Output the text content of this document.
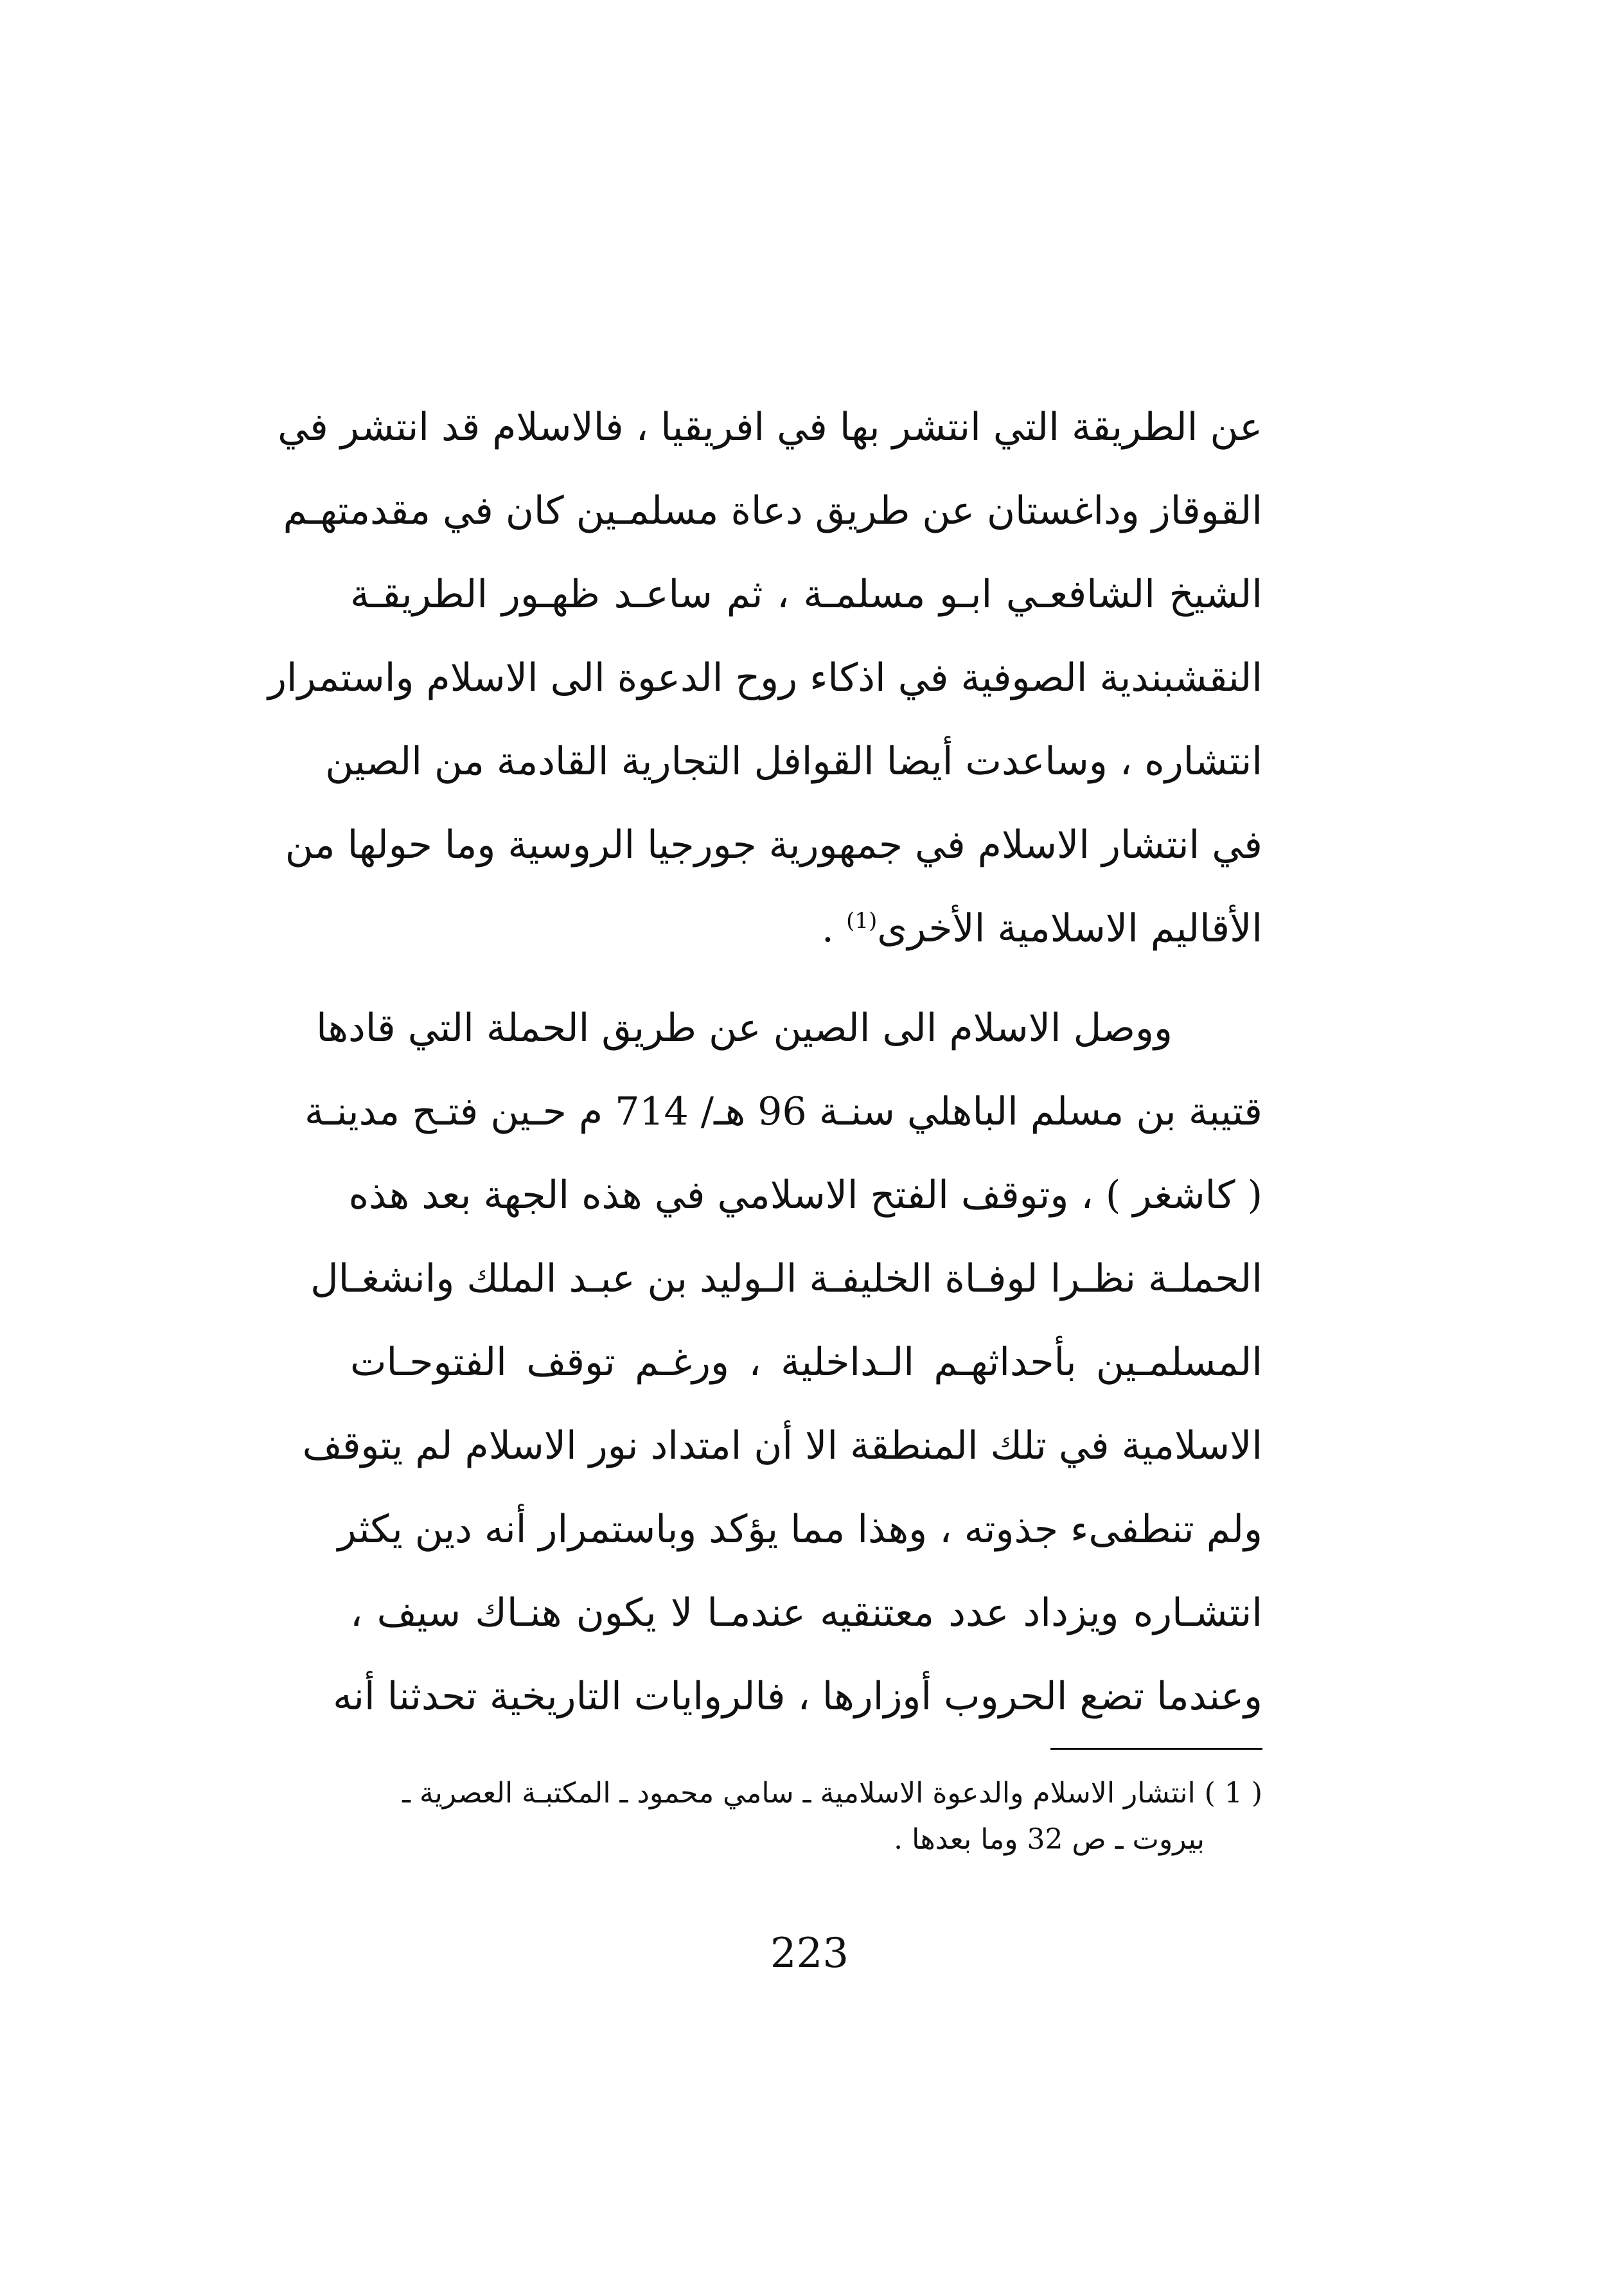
عن الطريقة التي انتشر بها في افريقيا ، فالاسلام قد انتشر في
القوقاز وداغستان عن طريق دعاة مسلمـين كان في مقدمتهـم
الشيخ الشافعـي ابـو مسلمـة ، ثم ساعـد ظهـور الطريقـة
النقشبندية الصوفية في اذكاء روح الدعوة الى الاسلام واستمرار
انتشاره ، وساعدت أيضا القوافل التجارية القادمة من الصين
في انتشار الاسلام في جمهورية جورجيا الروسية وما حولها من
الأقاليم الاسلامية الأخرى$^{(1)}$ .
ووصل الاسلام الى الصين عن طريق الحملة التي قادها
قتيبة بن مسلم الباهلي سنـة 96 هـ/ 714 م حـين فتـح مدينـة
( كاشغر ) ، وتوقف الفتح الاسلامي في هذه الجهة بعد هذه
الحملـة نظـرا لوفـاة الخليفـة الـوليد بن عبـد الملك وانشغـال
المسلمـين بأحداثهـم الـداخلية ، ورغـم توقف الفتوحـات
الاسلامية في تلك المنطقة الا أن امتداد نور الاسلام لم يتوقف
ولم تنطفىء جذوته ، وهذا مما يؤكد وباستمرار أنه دين يكثر
انتشـاره ويزداد عدد معتنقيه عندمـا لا يكون هنـاك سيف ،
وعندما تضع الحروب أوزارها ، فالروايات التاريخية تحدثنا أنه
( 1 ) انتشار الاسلام والدعوة الاسلامية ـ سامي محمود ـ المكتبـة العصرية ـ
بيروت ـ ص 32 وما بعدها .
223
